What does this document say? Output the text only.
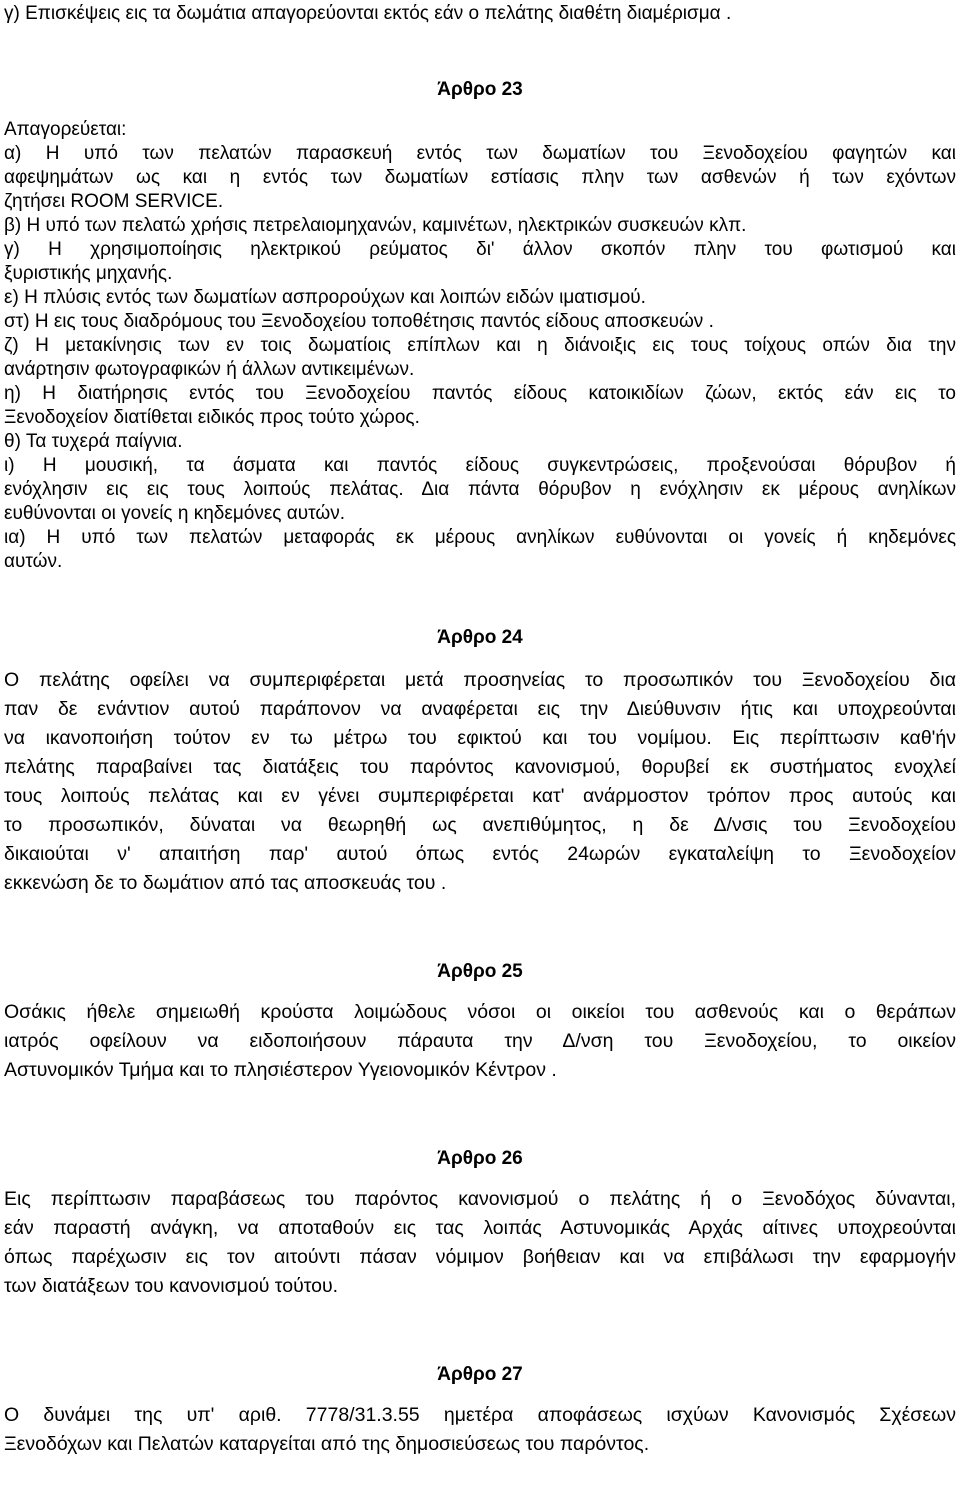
γ) Επισκέψεις εις τα δωμάτια απαγορεύονται εκτός εάν ο πελάτης διαθέτη διαμέρισμα .
Άρθρο 23
Απαγορεύεται:
α) Η υπό των πελατών παρασκευή εντός των δωματίων του Ξενοδοχείου φαγητών και
αφεψημάτων ως και η εντός των δωματίων εστίασις πλην των ασθενών ή των εχόντων
ζητήσει ROOM SERVICE.
β) Η υπό των πελατώ χρήσις πετρελαιομηχανών, καμινέτων, ηλεκτρικών συσκευών κλπ.
γ) Η χρησιμοποίησις ηλεκτρικού ρεύματος δι' άλλον σκοπόν πλην του φωτισμού και
ξυριστικής μηχανής.
ε) Η πλύσις εντός των δωματίων ασπρορούχων και λοιπών ειδών ιματισμού.
στ) Η εις τους διαδρόμους του Ξενοδοχείου τοποθέτησις παντός είδους αποσκευών .
ζ) Η μετακίνησις των εν τοις δωματίοις επίπλων και η διάνοιξις εις τους τοίχους οπών δια την
ανάρτησιν φωτογραφικών ή άλλων αντικειμένων.
η) Η διατήρησις εντός του Ξενοδοχείου παντός είδους κατοικιδίων ζώων, εκτός εάν εις το
Ξενοδοχείον διατίθεται ειδικός προς τούτο χώρος.
θ) Τα τυχερά παίγνια.
ι) Η μουσική, τα άσματα και παντός είδους συγκεντρώσεις, προξενούσαι θόρυβον ή
ενόχλησιν εις εις τους λοιπούς πελάτας. Δια πάντα θόρυβον η ενόχλησιν εκ μέρους ανηλίκων
ευθύνονται οι γονείς η κηδεμόνες αυτών.
ια) Η υπό των πελατών μεταφοράς εκ μέρους ανηλίκων ευθύνονται οι γονείς ή κηδεμόνες
αυτών.
Άρθρο 24
Ο πελάτης οφείλει να συμπεριφέρεται μετά προσηνείας το προσωπικόν του Ξενοδοχείου δια
παν δε ενάντιον αυτού παράπονον να αναφέρεται εις την Διεύθυνσιν ήτις και υποχρεούνται
να ικανοποιήση τούτον εν τω μέτρω του εφικτού και του νομίμου. Εις περίπτωσιν καθ'ήν
πελάτης παραβαίνει τας διατάξεις του παρόντος κανονισμού, θορυβεί εκ συστήματος ενοχλεί
τους λοιπούς πελάτας και εν γένει συμπεριφέρεται κατ' ανάρμοστον τρόπον προς αυτούς και
το προσωπικόν, δύναται να θεωρηθή ως ανεπιθύμητος, η δε Δ/νσις του Ξενοδοχείου
δικαιούται ν' απαιτήση παρ' αυτού όπως εντός 24ωρών εγκαταλείψη το Ξενοδοχείον
εκκενώση δε το δωμάτιον από τας αποσκευάς του .
Άρθρο 25
Οσάκις ήθελε σημειωθή κρούστα λοιμώδους νόσοι οι οικείοι του ασθενούς και ο θεράπων
ιατρός οφείλουν να ειδοποιήσουν πάραυτα την Δ/νση του Ξενοδοχείου, το οικείον
Αστυνομικόν Τμήμα και το πλησιέστερον Υγειονομικόν Κέντρον .
Άρθρο 26
Εις περίπτωσιν παραβάσεως του παρόντος κανονισμού ο πελάτης ή ο Ξενοδόχος δύνανται,
εάν παραστή ανάγκη, να αποταθούν εις τας λοιπάς Αστυνομικάς Αρχάς αίτινες υποχρεούνται
όπως παρέχωσιν εις τον αιτούντι πάσαν νόμιμον βοήθειαν και να επιβάλωσι την εφαρμογήν
των διατάξεων του κανονισμού τούτου.
Άρθρο 27
Ο δυνάμει της υπ' αριθ. 7778/31.3.55 ημετέρα αποφάσεως ισχύων Κανονισμός Σχέσεων
Ξενοδόχων και Πελατών καταργείται από της δημοσιεύσεως του παρόντος.
